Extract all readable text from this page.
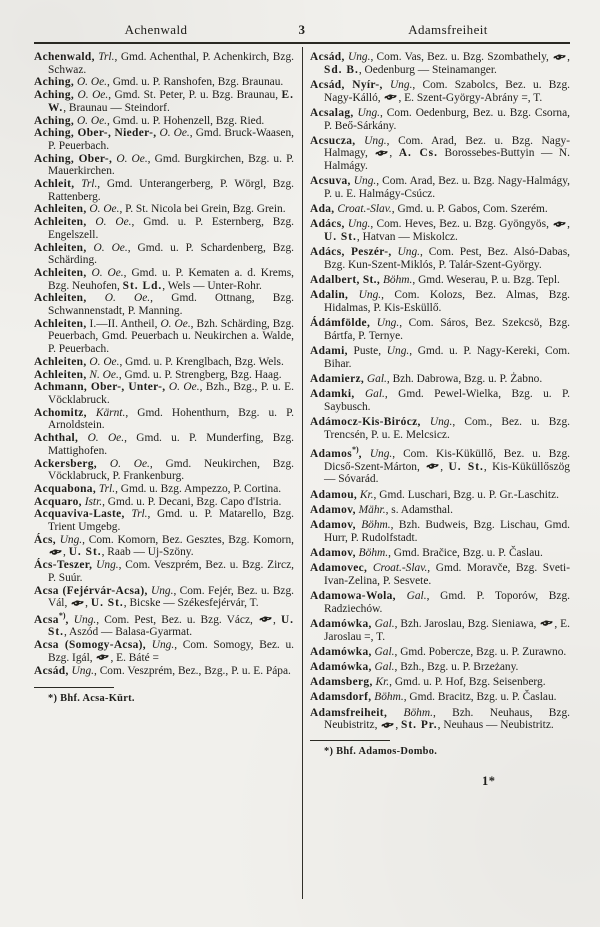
Achenwald	3	Adamsfreiheit
Achenwald, Trl., Gmd. Achenthal, P. Achenkirch, Bzg. Schwaz.
Aching, O. Oe., Gmd. u. P. Ranshofen, Bzg. Braunau.
Aching, O. Oe., Gmd. St. Peter, P. u. Bzg. Braunau, E. W., Braunau — Steindorf.
Aching, O. Oe., Gmd. u. P. Hohenzell, Bzg. Ried.
Aching, Ober-, Nieder-, O. Oe., Gmd. Bruck-Waasen, P. Peuerbach.
Aching, Ober-, O. Oe., Gmd. Burgkirchen, Bzg. u. P. Mauerkirchen.
Achleit, Trl., Gmd. Unterangerberg, P. Wörgl, Bzg. Rattenberg.
Achleiten, O. Oe., P. St. Nicola bei Grein, Bzg. Grein.
Achleiten, O. Oe., Gmd. u. P. Esternberg, Bzg. Engelszell.
Achleiten, O. Oe., Gmd. u. P. Schardenberg, Bzg. Schärding.
Achleiten, O. Oe., Gmd. u. P. Kematen a. d. Krems, Bzg. Neuhofen, St. Ld., Wels — Unter-Rohr.
Achleiten, O. Oe., Gmd. Ottnang, Bzg. Schwannenstadt, P. Manning.
Achleiten, I.—II. Antheil, O. Oe., Bzh. Schärding, Bzg. Peuerbach, Gmd. Peuerbach u. Neukirchen a. Walde, P. Peuerbach.
Achleiten, O. Oe., Gmd. u. P. Krenglbach, Bzg. Wels.
Achleiten, N. Oe., Gmd. u. P. Strengberg, Bzg. Haag.
Achmann, Ober-, Unter-, O. Oe., Bzh., Bzg., P. u. E. Vöcklabruck.
Achomitz, Kärnt., Gmd. Hohenthurn, Bzg. u. P. Arnoldstein.
Achthal, O. Oe., Gmd. u. P. Munderfing, Bzg. Mattighofen.
Ackersberg, O. Oe., Gmd. Neukirchen, Bzg. Vöcklabruck, P. Frankenburg.
Acquabona, Trl., Gmd. u. Bzg. Ampezzo, P. Cortina.
Acquaro, Istr., Gmd. u. P. Decani, Bzg. Capo d'Istria.
Acquaviva-Laste, Trl., Gmd. u. P. Matarello, Bzg. Trient Umgebg.
Ács, Ung., Com. Komorn, Bez. Gesztes, Bzg. Komorn, , U. St., Raab — Uj-Szöny.
Ács-Teszer, Ung., Com. Veszprém, Bez. u. Bzg. Zircz, P. Suúr.
Acsa (Fejérvár-Acsa), Ung., Com. Fejér, Bez. u. Bzg. Vál, , U. St., Bicske — Székesfejérvár, T.
Acsa*), Ung., Com. Pest, Bez. u. Bzg. Vácz, , U. St., Aszód — Balasa-Gyarmat.
Acsa (Somogy-Acsa), Ung., Com. Somogy, Bez. u. Bzg. Igál, , E. Báté =
Acsád, Ung., Com. Veszprém, Bez., Bzg., P. u. E. Pápa.
*) Bhf. Acsa-Kürt.
Acsád, Ung., Com. Vas, Bez. u. Bzg. Szombathely, , Sd. B., Oedenburg — Steinamanger.
Acsád, Nyír-, Ung., Com. Szabolcs, Bez. u. Bzg. Nagy-Kálló, , E. Szent-György-Abrány =, T.
Acsalag, Ung., Com. Oedenburg, Bez. u. Bzg. Csorna, P. Beő-Sárkány.
Acsucza, Ung., Com. Arad, Bez. u. Bzg. Nagy-Halmagy, , A. Cs. Borossebes-Buttyin — N. Halmágy.
Acsuva, Ung., Com. Arad, Bez. u. Bzg. Nagy-Halmágy, P. u. E. Halmágy-Csúcz.
Ada, Croat.-Slav., Gmd. u. P. Gabos, Com. Szerém.
Adács, Ung., Com. Heves, Bez. u. Bzg. Gyöngyös, , U. St., Hatvan — Miskolcz.
Adács, Peszér-, Ung., Com. Pest, Bez. Alsó-Dabas, Bzg. Kun-Szent-Miklós, P. Talár-Szent-György.
Adalbert, St., Böhm., Gmd. Weserau, P. u. Bzg. Tepl.
Adalin, Ung., Com. Kolozs, Bez. Almas, Bzg. Hidalmas, P. Kis-Esküllő.
Ádámfölde, Ung., Com. Sáros, Bez. Szekcsö, Bzg. Bártfa, P. Ternye.
Adami, Puste, Ung., Gmd. u. P. Nagy-Kereki, Com. Bihar.
Adamierz, Gal., Bzh. Dabrowa, Bzg. u. P. Żabno.
Adamki, Gal., Gmd. Pewel-Wielka, Bzg. u. P. Saybusch.
Adámocz-Kis-Birócz, Ung., Com., Bez. u. Bzg. Trencsén, P. u. E. Melcsicz.
Adamos*), Ung., Com. Kis-Küküllő, Bez. u. Bzg. Dicső-Szent-Márton, , U. St., Kis-Küküllőszög — Sóvarád.
Adamou, Kr., Gmd. Luschari, Bzg. u. P. Gr.-Laschitz.
Adamov, Mähr., s. Adamsthal.
Adamov, Böhm., Bzh. Budweis, Bzg. Lischau, Gmd. Hurr, P. Rudolfstadt.
Adamov, Böhm., Gmd. Bračice, Bzg. u. P. Časlau.
Adamovec, Croat.-Slav., Gmd. Moravče, Bzg. Sveti-Ivan-Zelina, P. Sesvete.
Adamowa-Wola, Gal., Gmd. P. Toporów, Bzg. Radziechów.
Adamówka, Gal., Bzh. Jaroslau, Bzg. Sieniawa, , E. Jaroslau =, T.
Adamówka, Gal., Gmd. Pobercze, Bzg. u. P. Zurawno.
Adamówka, Gal., Bzh., Bzg. u. P. Brzeżany.
Adamsberg, Kr., Gmd. u. P. Hof, Bzg. Seisenberg.
Adamsdorf, Böhm., Gmd. Bracitz, Bzg. u. P. Časlau.
Adamsfreiheit, Böhm., Bzh. Neuhaus, Bzg. Neubistritz, , St. Pr., Neuhaus — Neubistritz.
*) Bhf. Adamos-Dombo.
1*
